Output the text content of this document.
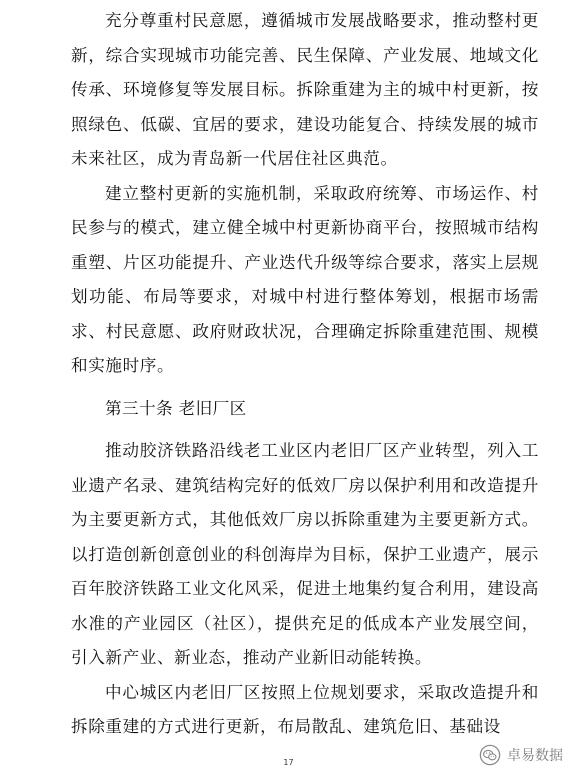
充分尊重村民意愿，遵循城市发展战略要求，推动整村更新，综合实现城市功能完善、民生保障、产业发展、地域文化传承、环境修复等发展目标。拆除重建为主的城中村更新，按照绿色、低碳、宜居的要求，建设功能复合、持续发展的城市未来社区，成为青岛新一代居住社区典范。

建立整村更新的实施机制，采取政府统筹、市场运作、村民参与的模式，建立健全城中村更新协商平台，按照城市结构重塑、片区功能提升、产业迭代升级等综合要求，落实上层规划功能、布局等要求，对城中村进行整体筹划，根据市场需求、村民意愿、政府财政状况，合理确定拆除重建范围、规模和实施时序。

第三十条 老旧厂区

推动胶济铁路沿线老工业区内老旧厂区产业转型，列入工业遗产名录、建筑结构完好的低效厂房以保护利用和改造提升为主要更新方式，其他低效厂房以拆除重建为主要更新方式。以打造创新创意创业的科创海岸为目标，保护工业遗产，展示百年胶济铁路工业文化风采，促进土地集约复合利用，建设高水准的产业园区（社区），提供充足的低成本产业发展空间，引入新产业、新业态，推动产业新旧动能转换。

中心城区内老旧厂区按照上位规划要求，采取改造提升和拆除重建的方式进行更新，布局散乱、建筑危旧、基础设

17	卓易数据
